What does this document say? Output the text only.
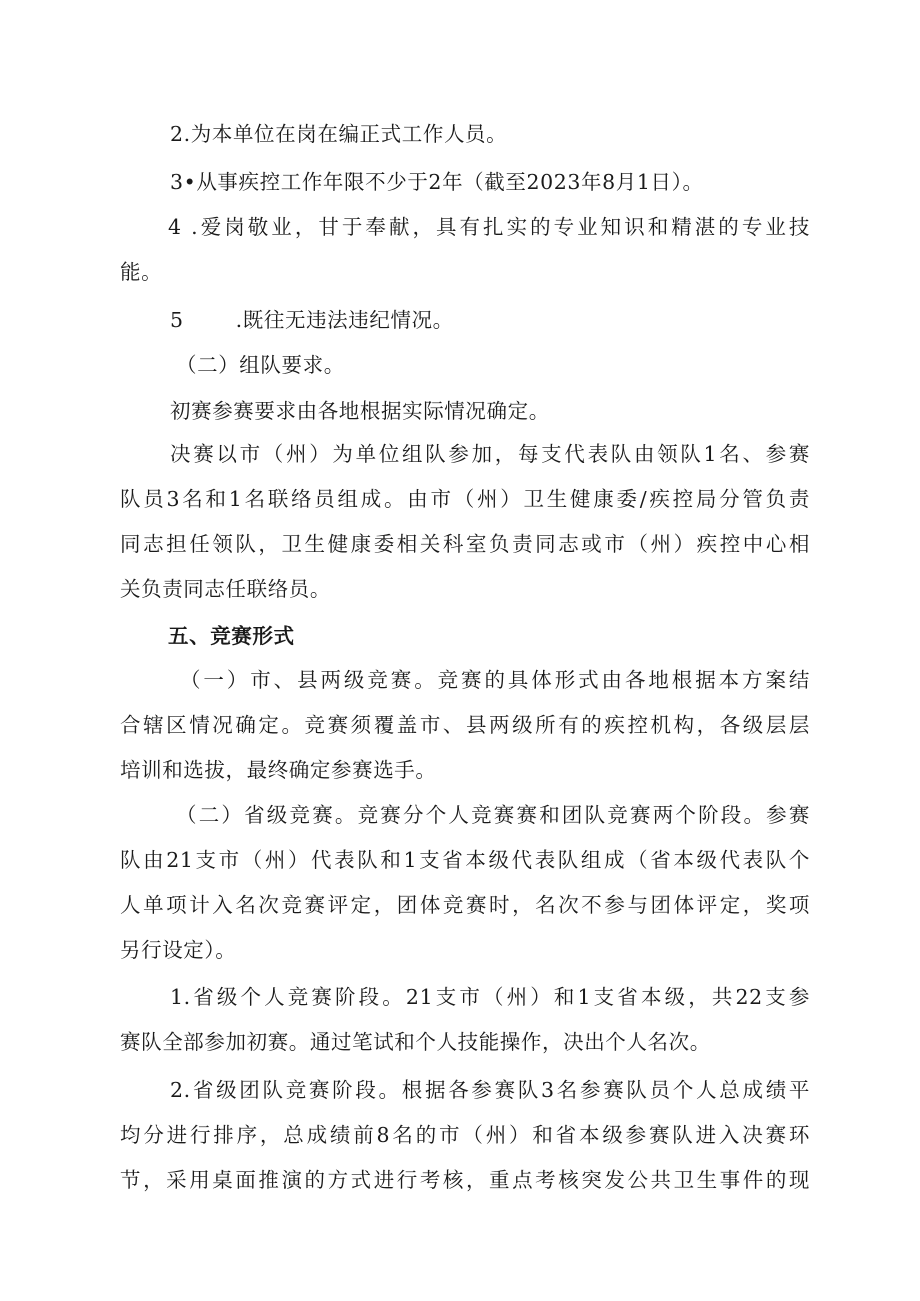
2.为本单位在岗在编正式工作人员。
3•从事疾控工作年限不少于2年（截至2023年8月1日）。
4 .爱岗敬业，甘于奉献，具有扎实的专业知识和精湛的专业技
能。
5	.既往无违法违纪情况。
（二）组队要求。
初赛参赛要求由各地根据实际情况确定。
决赛以市（州）为单位组队参加，每支代表队由领队1名、参赛
队员3名和1名联络员组成。由市（州）卫生健康委/疾控局分管负责
同志担任领队，卫生健康委相关科室负责同志或市（州）疾控中心相
关负责同志任联络员。
五、竞赛形式
（一）市、县两级竞赛。竞赛的具体形式由各地根据本方案结
合辖区情况确定。竞赛须覆盖市、县两级所有的疾控机构，各级层层
培训和选拔，最终确定参赛选手。
（二）省级竞赛。竞赛分个人竞赛赛和团队竞赛两个阶段。参赛
队由21支市（州）代表队和1支省本级代表队组成（省本级代表队个
人单项计入名次竞赛评定，团体竞赛时，名次不参与团体评定，奖项
另行设定）。
1.省级个人竞赛阶段。21支市（州）和1支省本级，共22支参
赛队全部参加初赛。通过笔试和个人技能操作，决出个人名次。
2.省级团队竞赛阶段。根据各参赛队3名参赛队员个人总成绩平
均分进行排序，总成绩前8名的市（州）和省本级参赛队进入决赛环
节，采用桌面推演的方式进行考核，重点考核突发公共卫生事件的现
